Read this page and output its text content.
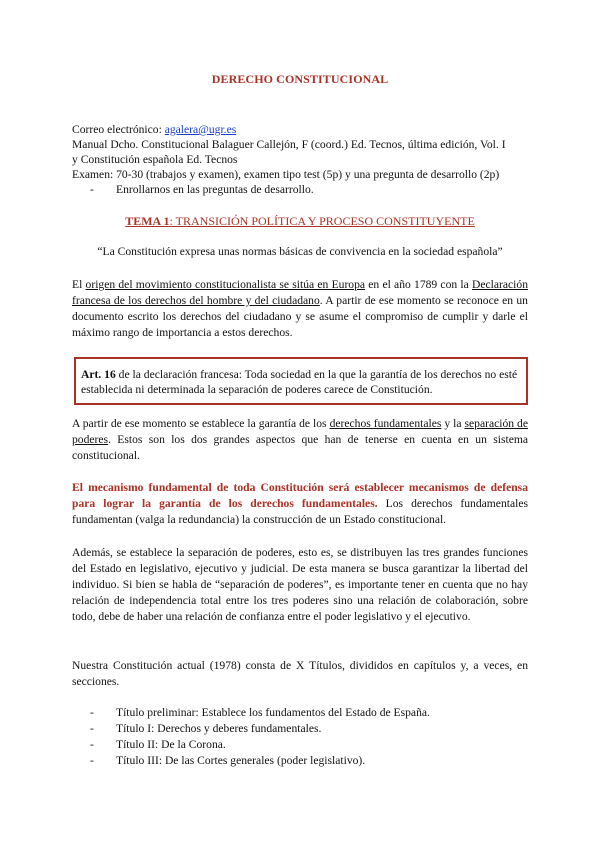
DERECHO CONSTITUCIONAL
Correo electrónico: agalera@ugr.es
Manual Dcho. Constitucional Balaguer Callejón, F (coord.) Ed. Tecnos, última edición, Vol. I
y Constitución española Ed. Tecnos
Examen: 70-30 (trabajos y examen), examen tipo test (5p) y una pregunta de desarrollo (2p)
- Enrollarnos en las preguntas de desarrollo.
TEMA 1: TRANSICIÓN POLÍTICA Y PROCESO CONSTITUYENTE
“La Constitución expresa unas normas básicas de convivencia en la sociedad española”
El origen del movimiento constitucionalista se sitúa en Europa en el año 1789 con la Declaración francesa de los derechos del hombre y del ciudadano. A partir de ese momento se reconoce en un documento escrito los derechos del ciudadano y se asume el compromiso de cumplir y darle el máximo rango de importancia a estos derechos.
Art. 16 de la declaración francesa: Toda sociedad en la que la garantía de los derechos no esté establecida ni determinada la separación de poderes carece de Constitución.
A partir de ese momento se establece la garantía de los derechos fundamentales y la separación de poderes. Estos son los dos grandes aspectos que han de tenerse en cuenta en un sistema constitucional.
El mecanismo fundamental de toda Constitución será establecer mecanismos de defensa para lograr la garantía de los derechos fundamentales. Los derechos fundamentales fundamentan (valga la redundancia) la construcción de un Estado constitucional.
Además, se establece la separación de poderes, esto es, se distribuyen las tres grandes funciones del Estado en legislativo, ejecutivo y judicial. De esta manera se busca garantizar la libertad del individuo. Si bien se habla de “separación de poderes”, es importante tener en cuenta que no hay relación de independencia total entre los tres poderes sino una relación de colaboración, sobre todo, debe de haber una relación de confianza entre el poder legislativo y el ejecutivo.
Nuestra Constitución actual (1978) consta de X Títulos, divididos en capítulos y, a veces, en secciones.
- Título preliminar: Establece los fundamentos del Estado de España.
- Título I: Derechos y deberes fundamentales.
- Título II: De la Corona.
- Título III: De las Cortes generales (poder legislativo).
